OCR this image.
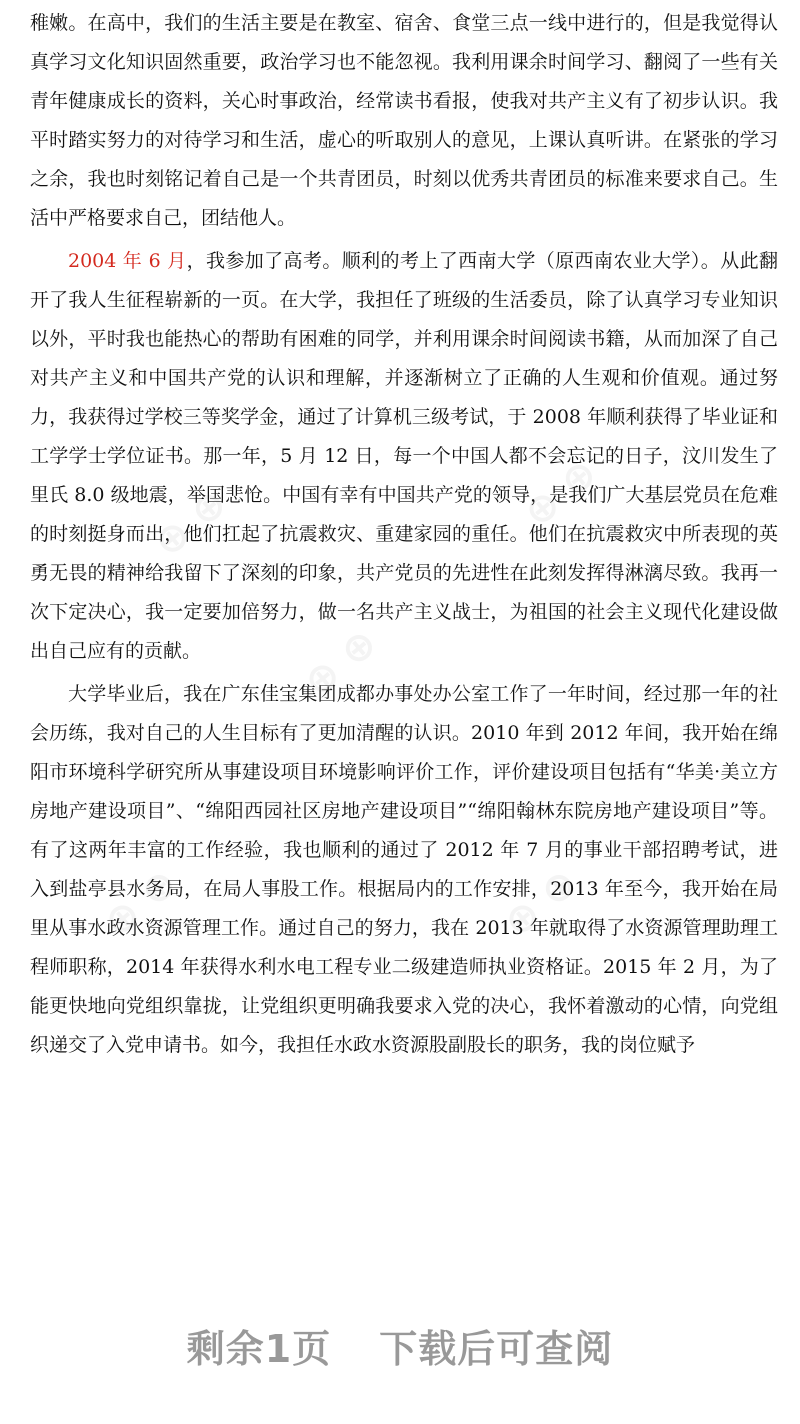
⊕ ⊕	⊕ ⊕
⊕ ⊕
⊕ ⊕	⊕ ⊕

稚嫩。在高中，我们的生活主要是在教室、宿舍、食堂三点一线中进行的，但是我觉得认真学习文化知识固然重要，政治学习也不能忽视。我利用课余时间学习、翻阅了一些有关青年健康成长的资料，关心时事政治，经常读书看报，使我对共产主义有了初步认识。我平时踏实努力的对待学习和生活，虚心的听取别人的意见，上课认真听讲。在紧张的学习之余，我也时刻铭记着自己是一个共青团员，时刻以优秀共青团员的标准来要求自己。生活中严格要求自己，团结他人。

2004 年 6 月，我参加了高考。顺利的考上了西南大学（原西南农业大学）。从此翻开了我人生征程崭新的一页。在大学，我担任了班级的生活委员，除了认真学习专业知识以外，平时我也能热心的帮助有困难的同学，并利用课余时间阅读书籍，从而加深了自己对共产主义和中国共产党的认识和理解，并逐渐树立了正确的人生观和价值观。通过努力，我获得过学校三等奖学金，通过了计算机三级考试，于 2008 年顺利获得了毕业证和工学学士学位证书。那一年，5 月 12 日，每一个中国人都不会忘记的日子，汶川发生了里氏 8.0 级地震，举国悲怆。中国有幸有中国共产党的领导，是我们广大基层党员在危难的时刻挺身而出，他们扛起了抗震救灾、重建家园的重任。他们在抗震救灾中所表现的英勇无畏的精神给我留下了深刻的印象，共产党员的先进性在此刻发挥得淋漓尽致。我再一次下定决心，我一定要加倍努力，做一名共产主义战士，为祖国的社会主义现代化建设做出自己应有的贡献。

大学毕业后，我在广东佳宝集团成都办事处办公室工作了一年时间，经过那一年的社会历练，我对自己的人生目标有了更加清醒的认识。2010 年到 2012 年间，我开始在绵阳市环境科学研究所从事建设项目环境影响评价工作，评价建设项目包括有“华美·美立方房地产建设项目”、“绵阳西园社区房地产建设项目”“绵阳翰林东院房地产建设项目”等。有了这两年丰富的工作经验，我也顺利的通过了 2012 年 7 月的事业干部招聘考试，进入到盐亭县水务局，在局人事股工作。根据局内的工作安排，2013 年至今，我开始在局里从事水政水资源管理工作。通过自己的努力，我在 2013 年就取得了水资源管理助理工程师职称，2014 年获得水利水电工程专业二级建造师执业资格证。2015 年 2 月，为了能更快地向党组织靠拢，让党组织更明确我要求入党的决心，我怀着激动的心情，向党组织递交了入党申请书。如今，我担任水政水资源股副股长的职务，我的岗位赋予

剩余1页 下载后可查阅
